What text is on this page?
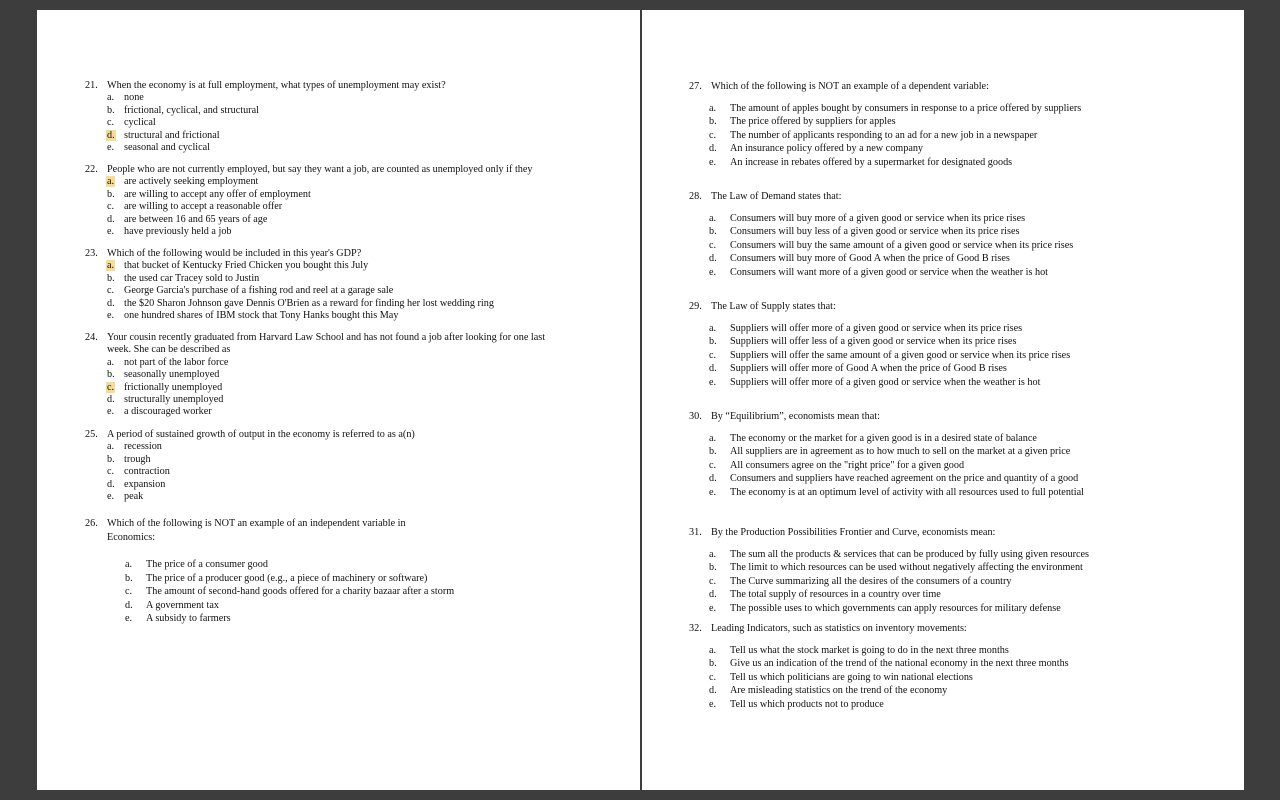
21. When the economy is at full employment, what types of unemployment may exist?
a. none
b. frictional, cyclical, and structural
c. cyclical
d. structural and frictional
e. seasonal and cyclical
22. People who are not currently employed, but say they want a job, are counted as unemployed only if they
a. are actively seeking employment
b. are willing to accept any offer of employment
c. are willing to accept a reasonable offer
d. are between 16 and 65 years of age
e. have previously held a job
23. Which of the following would be included in this year's GDP?
a. that bucket of Kentucky Fried Chicken you bought this July
b. the used car Tracey sold to Justin
c. George Garcia's purchase of a fishing rod and reel at a garage sale
d. the $20 Sharon Johnson gave Dennis O'Brien as a reward for finding her lost wedding ring
e. one hundred shares of IBM stock that Tony Hanks bought this May
24. Your cousin recently graduated from Harvard Law School and has not found a job after looking for one last week. She can be described as
a. not part of the labor force
b. seasonally unemployed
c. frictionally unemployed
d. structurally unemployed
e. a discouraged worker
25. A period of sustained growth of output in the economy is referred to as a(n)
a. recession
b. trough
c. contraction
d. expansion
e. peak
26. Which of the following is NOT an example of an independent variable in Economics:
a.	The price of a consumer good
b.	The price of a producer good (e.g., a piece of machinery or software)
c.	The amount of second-hand goods offered for a charity bazaar after a storm
d.	A government tax
e.	A subsidy to farmers
27. Which of the following is NOT an example of a dependent variable:
a.	The amount of apples bought by consumers in response to a price offered by suppliers
b.	The price offered by suppliers for apples
c.	The number of applicants responding to an ad for a new job in a newspaper
d.	An insurance policy offered by a new company
e.	An increase in rebates offered by a supermarket for designated goods
28. The Law of Demand states that:
a.	Consumers will buy more of a given good or service when its price rises
b.	Consumers will buy less of a given good or service when its price rises
c.	Consumers will buy the same amount of a given good or service when its price rises
d.	Consumers will buy more of Good A when the price of Good B rises
e.	Consumers will want more of a given good or service when the weather is hot
29. The Law of Supply states that:
a.	Suppliers will offer more of a given good or service when its price rises
b.	Suppliers will offer less of a given good or service when its price rises
c.	Suppliers will offer the same amount of a given good or service when its price rises
d.	Suppliers will offer more of Good A when the price of Good B rises
e.	Suppliers will offer more of a given good or service when the weather is hot
30. By “Equilibrium”, economists mean that:
a.	The economy or the market for a given good is in a desired state of balance
b.	All suppliers are in agreement as to how much to sell on the market at a given price
c.	All consumers agree on the "right price" for a given good
d.	Consumers and suppliers have reached agreement on the price and quantity of a good
e.	The economy is at an optimum level of activity with all resources used to full potential
31. By the Production Possibilities Frontier and Curve, economists mean:
a.	The sum all the products & services that can be produced by fully using given resources
b.	The limit to which resources can be used without negatively affecting the environment
c.	The Curve summarizing all the desires of the consumers of a country
d.	The total supply of resources in a country over time
e.	The possible uses to which governments can apply resources for military defense
32. Leading Indicators, such as statistics on inventory movements:
a.	Tell us what the stock market is going to do in the next three months
b.	Give us an indication of the trend of the national economy in the next three months
c.	Tell us which politicians are going to win national elections
d.	Are misleading statistics on the trend of the economy
e.	Tell us which products not to produce
